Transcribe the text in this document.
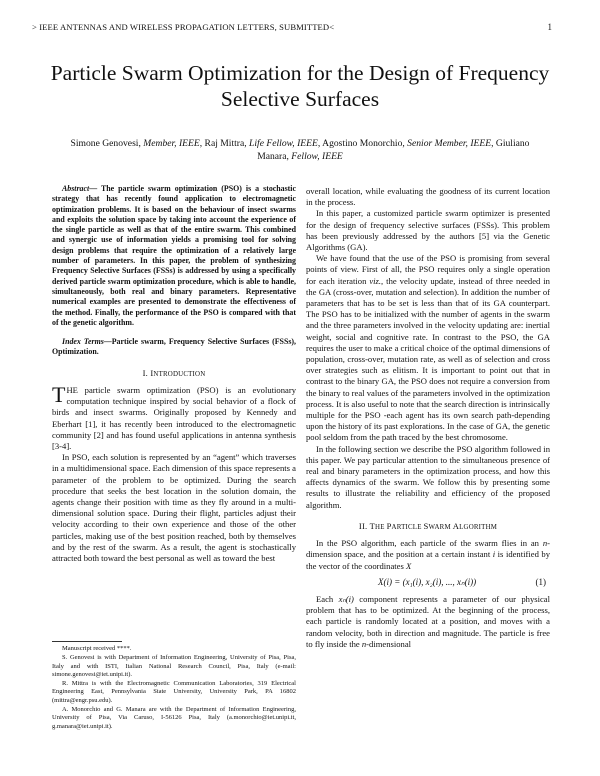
> IEEE ANTENNAS AND WIRELESS PROPAGATION LETTERS, SUBMITTED<	1
Particle Swarm Optimization for the Design of Frequency Selective Surfaces
Simone Genovesi, Member, IEEE, Raj Mittra, Life Fellow, IEEE, Agostino Monorchio, Senior Member, IEEE, Giuliano Manara, Fellow, IEEE

Abstract— The particle swarm optimization (PSO) is a stochastic strategy that has recently found application to electromagnetic optimization problems. It is based on the behaviour of insect swarms and exploits the solution space by taking into account the experience of the single particle as well as that of the entire swarm. This combined and synergic use of information yields a promising tool for solving design problems that require the optimization of a relatively large number of parameters. In this paper, the problem of synthesizing Frequency Selective Surfaces (FSSs) is addressed by using a specifically derived particle swarm optimization procedure, which is able to handle, simultaneously, both real and binary parameters. Representative numerical examples are presented to demonstrate the effectiveness of the method. Finally, the performance of the PSO is compared with that of the genetic algorithm.

Index Terms—Particle swarm, Frequency Selective Surfaces (FSSs), Optimization.

I. INTRODUCTION

THE particle swarm optimization (PSO) is an evolutionary computation technique inspired by social behavior of a flock of birds and insect swarms. Originally proposed by Kennedy and Eberhart [1], it has recently been introduced to the electromagnetic community [2] and has found useful applications in antenna synthesis [3-4].

In PSO, each solution is represented by an “agent” which traverses in a multidimensional space. Each dimension of this space represents a parameter of the problem to be optimized. During the search procedure that seeks the best location in the solution domain, the agents change their position with time as they fly around in a multi-dimensional solution space. During their flight, particles adjust their velocity according to their own experience and those of the other particles, making use of the best position reached, both by themselves and by the rest of the swarm. As a result, the agent is stochastically attracted both toward the best personal as well as toward the best

Manuscript received ****.

S. Genovesi is with Department of Information Engineering, University of Pisa, Pisa, Italy and with ISTI, Italian National Research Council, Pisa, Italy (e-mail: simone.genovesi@iet.unipi.it).

R. Mittra is with the Electromagnetic Communication Laboratories, 319 Electrical Engineering East, Pennsylvania State University, University Park, PA 16802 (mittra@engr.psu.edu).

A. Monorchio and G. Manara are with the Department of Information Engineering, University of Pisa, Via Caruso, I-56126 Pisa, Italy (a.monorchio@iet.unipi.it, g.manara@iet.unipi.it).

overall location, while evaluating the goodness of its current location in the process.

In this paper, a customized particle swarm optimizer is presented for the design of frequency selective surfaces (FSSs). This problem has been previously addressed by the authors [5] via the Genetic Algorithms (GA).

We have found that the use of the PSO is promising from several points of view. First of all, the PSO requires only a single operation for each iteration viz., the velocity update, instead of three needed in the GA (cross-over, mutation and selection). In addition the number of parameters that has to be set is less than that of its GA counterpart. The PSO has to be initialized with the number of agents in the swarm and the three parameters involved in the velocity updating are: inertial weight, social and cognitive rate. In contrast to the PSO, the GA requires the user to make a critical choice of the optimal dimensions of population, cross-over, mutation rate, as well as of selection and cross over strategies such as elitism. It is important to point out that in contrast to the binary GA, the PSO does not require a conversion from the binary to real values of the parameters involved in the optimization process. It is also useful to note that the search direction is intrinsically multiple for the PSO -each agent has its own search path-depending upon the history of its past explorations. In the case of GA, the genetic pool seldom from the path traced by the best chromosome.

In the following section we describe the PSO algorithm followed in this paper. We pay particular attention to the simultaneous presence of real and binary parameters in the optimization process, and how this affects dynamics of the swarm. We follow this by presenting some results to illustrate the reliability and efficiency of the proposed algorithm.

II. THE PARTICLE SWARM ALGORITHM

In the PSO algorithm, each particle of the swarm flies in an n-dimension space, and the position at a certain instant i is identified by the vector of the coordinates X

X(i) = (x₁(i), x₂(i), ..., xₙ(i))	(1)

Each xₙ(i) component represents a parameter of our physical problem that has to be optimized. At the beginning of the process, each particle is randomly located at a position, and moves with a random velocity, both in direction and magnitude. The particle is free to fly inside the n-dimensional
